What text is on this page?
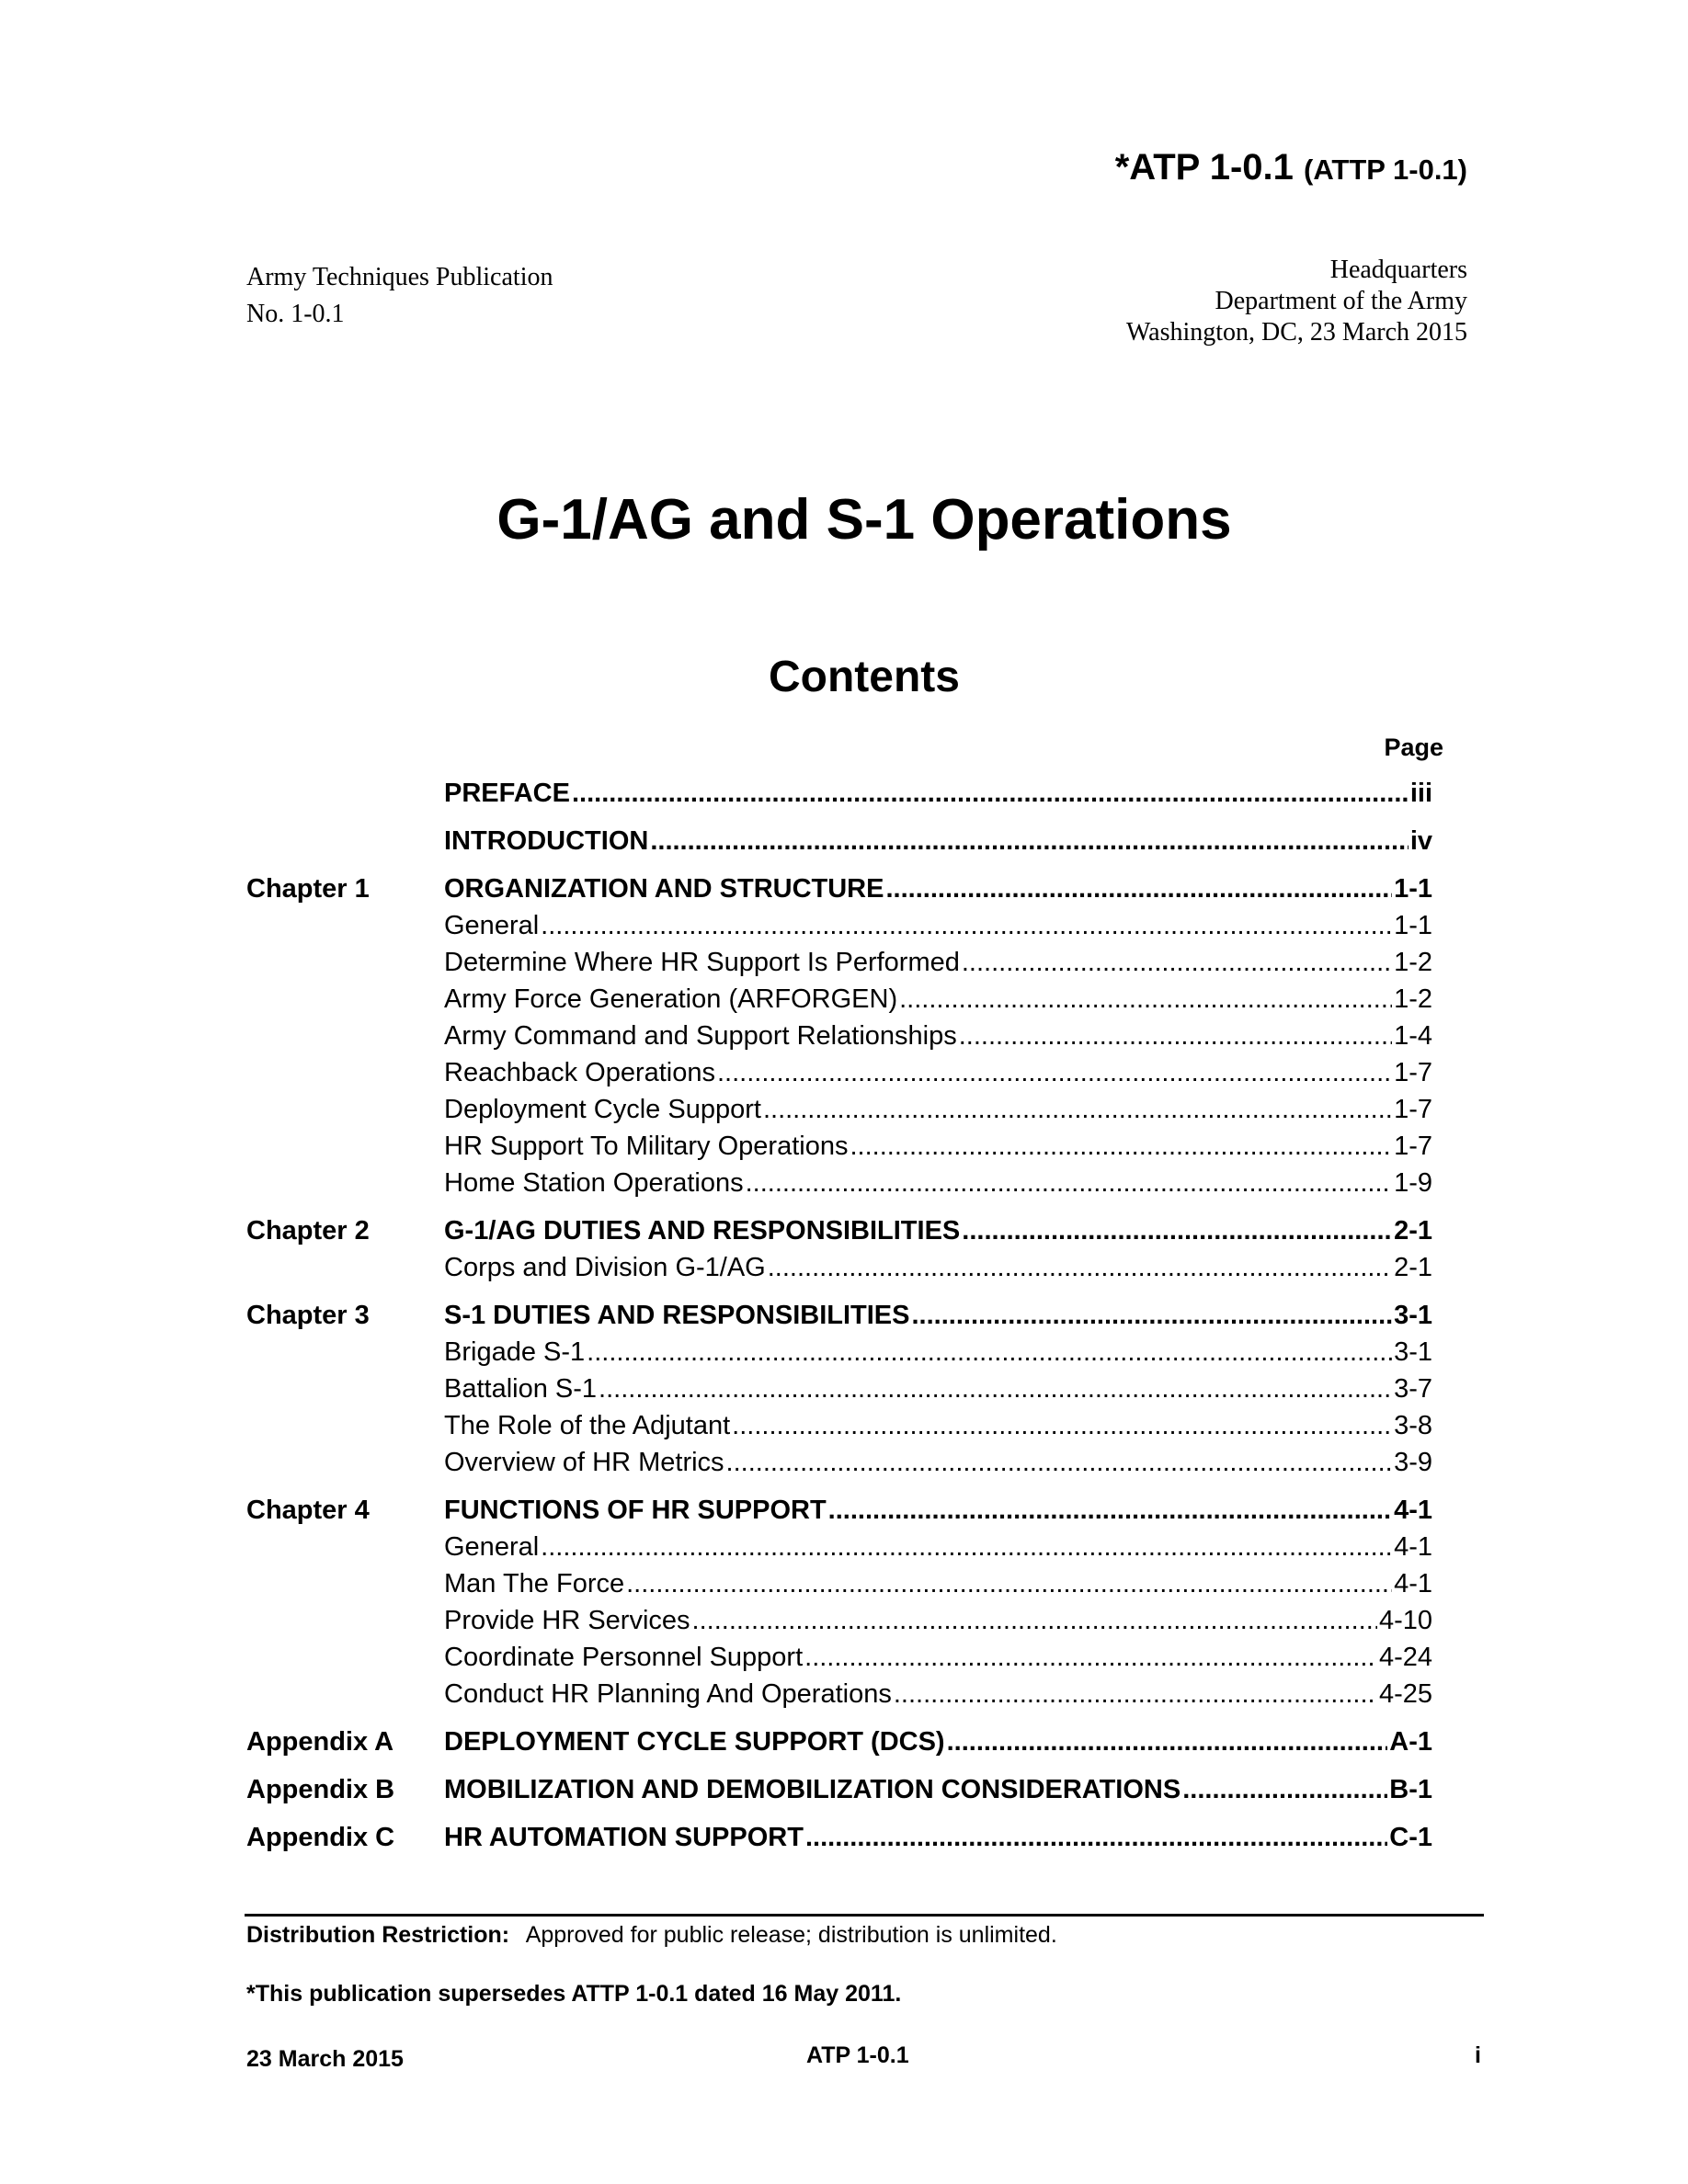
*ATP 1-0.1 (ATTP 1-0.1)
Army Techniques Publication
No. 1-0.1
Headquarters
Department of the Army
Washington, DC, 23 March 2015
G-1/AG and S-1 Operations
Contents
Page
PREFACE .....	iii
INTRODUCTION .....	iv
Chapter 1	ORGANIZATION AND STRUCTURE .....	1-1
General .....	1-1
Determine Where HR Support Is Performed .....	1-2
Army Force Generation (ARFORGEN) .....	1-2
Army Command and Support Relationships .....	1-4
Reachback Operations .....	1-7
Deployment Cycle Support .....	1-7
HR Support To Military Operations .....	1-7
Home Station Operations .....	1-9
Chapter 2	G-1/AG DUTIES AND RESPONSIBILITIES .....	2-1
Corps and Division G-1/AG .....	2-1
Chapter 3	S-1 DUTIES AND RESPONSIBILITIES .....	3-1
Brigade S-1 .....	3-1
Battalion S-1 .....	3-7
The Role of the Adjutant .....	3-8
Overview of HR Metrics .....	3-9
Chapter 4	FUNCTIONS OF HR SUPPORT .....	4-1
General .....	4-1
Man The Force .....	4-1
Provide HR Services .....	4-10
Coordinate Personnel Support .....	4-24
Conduct HR Planning And Operations .....	4-25
Appendix A	DEPLOYMENT CYCLE SUPPORT (DCS) .....	A-1
Appendix B	MOBILIZATION AND DEMOBILIZATION CONSIDERATIONS .....	B-1
Appendix C	HR AUTOMATION SUPPORT .....	C-1
Distribution Restriction: Approved for public release; distribution is unlimited.
*This publication supersedes ATTP 1-0.1 dated 16 May 2011.
23 March 2015	ATP 1-0.1	i
